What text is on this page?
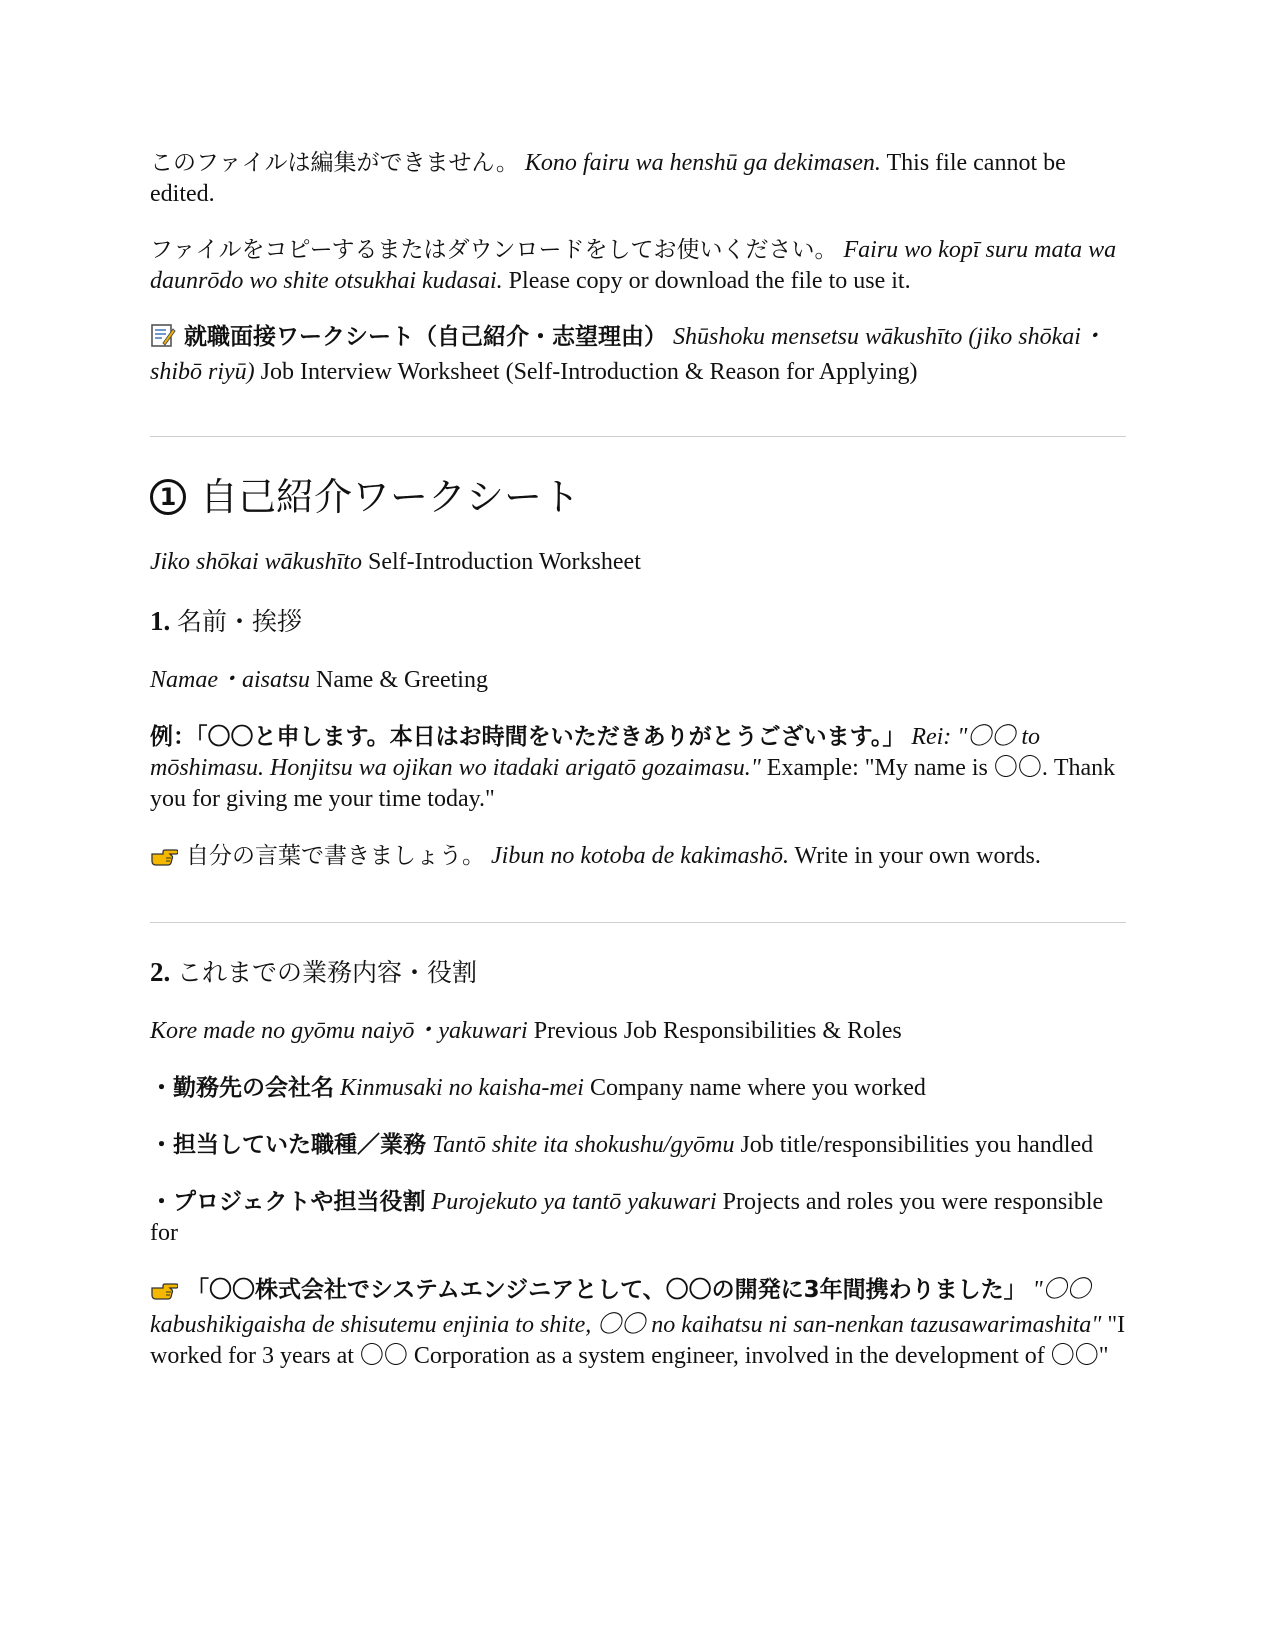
このファイルは編集ができません。 Kono fairu wa henshū ga dekimasen. This file cannot be edited.

ファイルをコピーするまたはダウンロードをしてお使いください。 Fairu wo kopī suru mata wa daunrōdo wo shite otsukhai kudasai. Please copy or download the file to use it.

就職面接ワークシート（自己紹介・志望理由） Shūshoku mensetsu wākushīto (jiko shōkai・shibō riyū) Job Interview Worksheet (Self-Introduction & Reason for Applying)

1 自己紹介ワークシート

Jiko shōkai wākushīto Self-Introduction Worksheet

1. 名前・挨拶

Namae・aisatsu Name & Greeting

例：「〇〇と申します。本日はお時間をいただきありがとうございます。」 Rei: "〇〇 to mōshimasu. Honjitsu wa ojikan wo itadaki arigatō gozaimasu." Example: "My name is 〇〇. Thank you for giving me your time today."

自分の言葉で書きましょう。 Jibun no kotoba de kakimashō. Write in your own words.

2. これまでの業務内容・役割

Kore made no gyōmu naiyō・yakuwari Previous Job Responsibilities & Roles

・勤務先の会社名 Kinmusaki no kaisha-mei Company name where you worked

・担当していた職種／業務 Tantō shite ita shokushu/gyōmu Job title/responsibilities you handled

・プロジェクトや担当役割 Purojekuto ya tantō yakuwari Projects and roles you were responsible for

「〇〇株式会社でシステムエンジニアとして、〇〇の開発に3年間携わりました」 "〇〇 kabushikigaisha de shisutemu enjinia to shite, 〇〇 no kaihatsu ni san-nenkan tazusawarimashita" "I worked for 3 years at 〇〇 Corporation as a system engineer, involved in the development of 〇〇"
